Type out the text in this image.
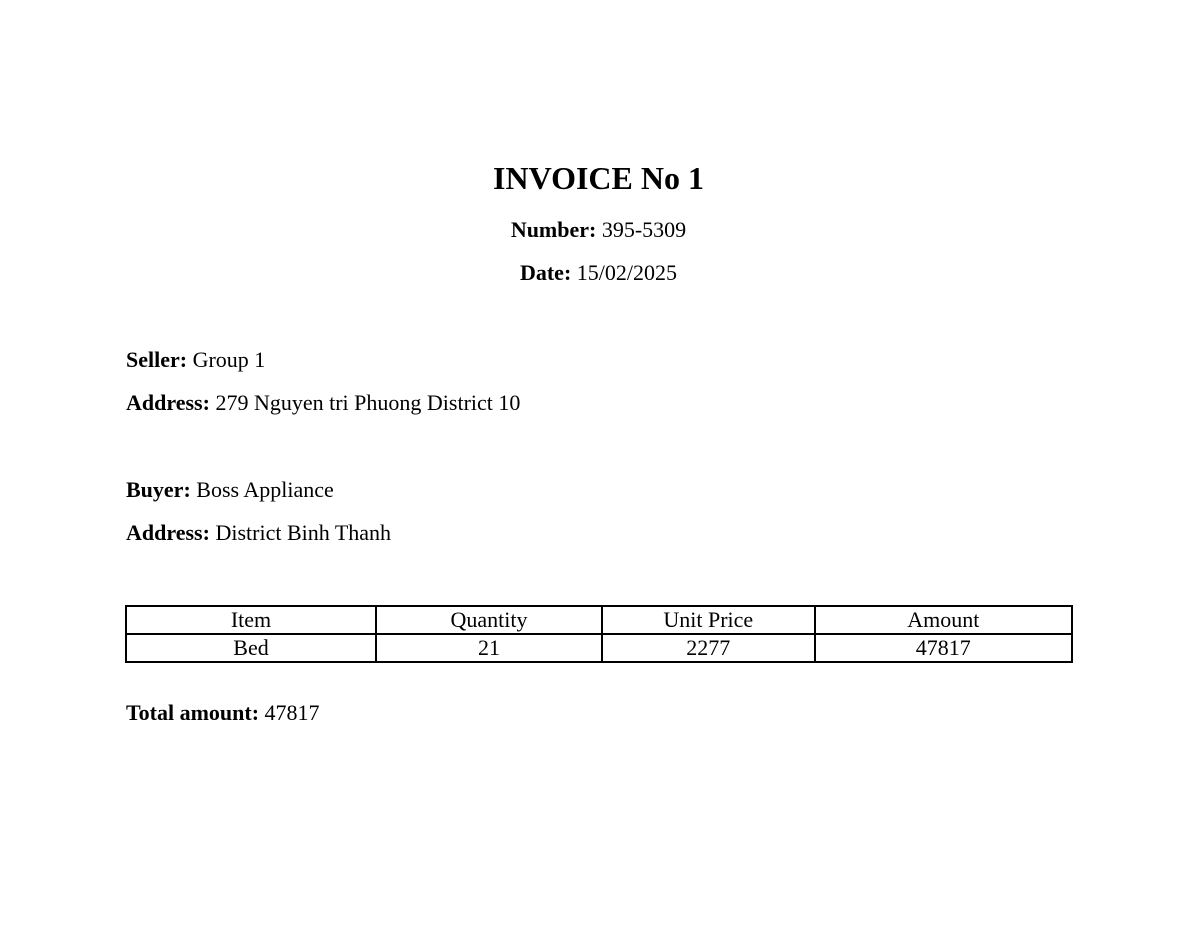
INVOICE No 1
Number: 395-5309
Date: 15/02/2025
Seller: Group 1
Address: 279 Nguyen tri Phuong District 10
Buyer: Boss Appliance
Address: District Binh Thanh
Item	Quantity	Unit Price	Amount
Bed	21	2277	47817
Total amount: 47817
